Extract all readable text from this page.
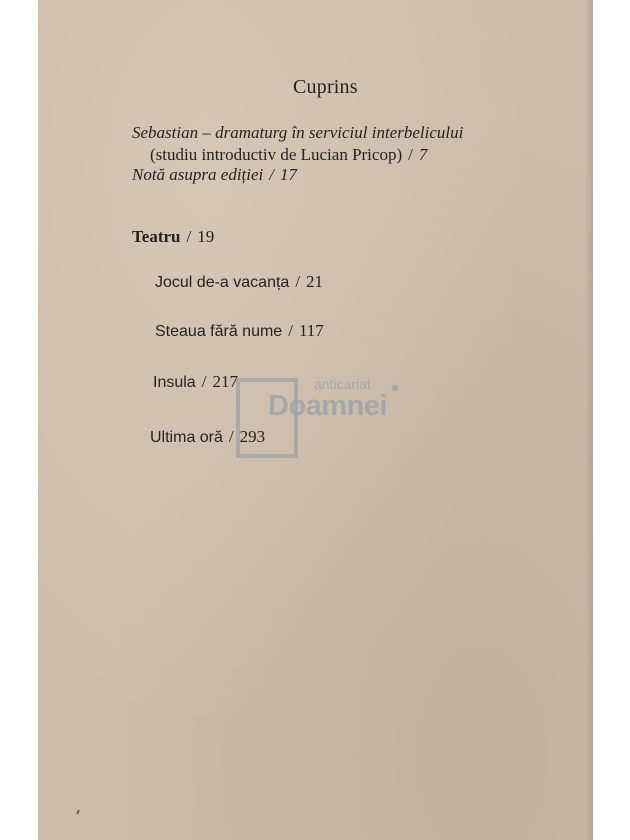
Cuprins

Sebastian – dramaturg în serviciul interbelicului

(studiu introductiv de Lucian Pricop) / 7

Notă asupra ediției / 17

Teatru / 19

Jocul de-a vacanța / 21

Steaua fără nume / 117

Insula / 217

Ultima oră / 293

anticariat
Doamnei
